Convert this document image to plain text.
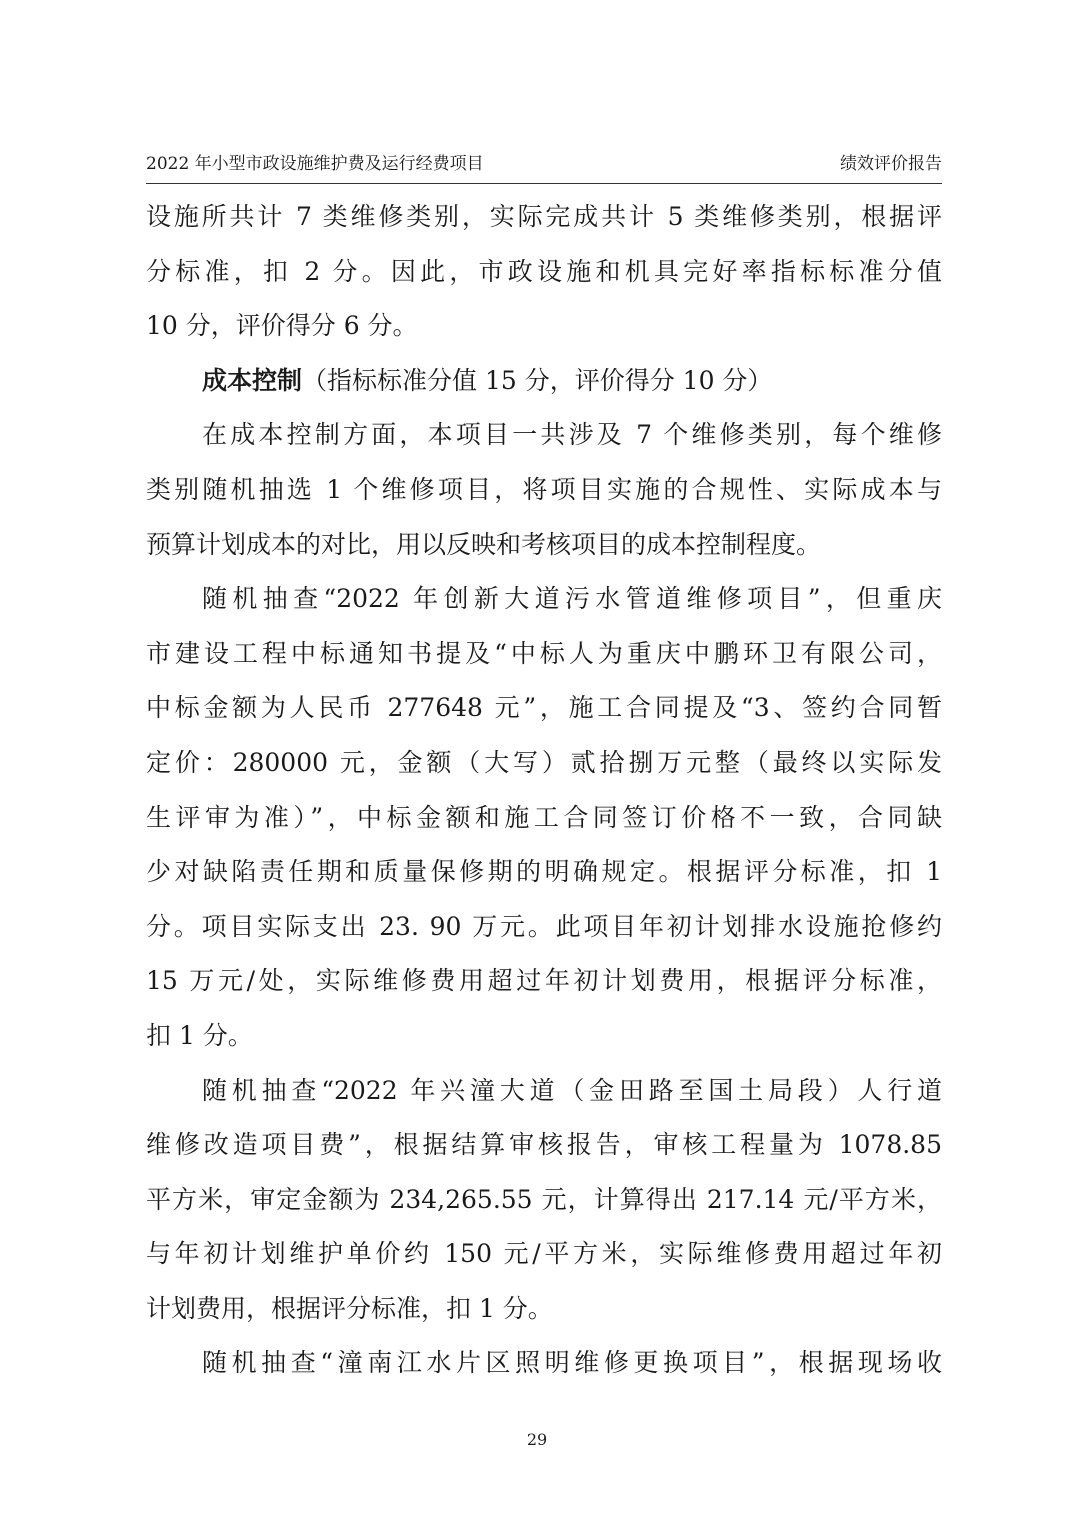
2022 年小型市政设施维护费及运行经费项目	绩效评价报告
设施所共计 7 类维修类别，实际完成共计 5 类维修类别，根据评
分标准，扣 2 分。因此，市政设施和机具完好率指标标准分值
10 分，评价得分 6 分。
成本控制（指标标准分值 15 分，评价得分 10 分）
在成本控制方面，本项目一共涉及 7 个维修类别，每个维修
类别随机抽选 1 个维修项目，将项目实施的合规性、实际成本与
预算计划成本的对比，用以反映和考核项目的成本控制程度。
随机抽查“2022 年创新大道污水管道维修项目”，但重庆
市建设工程中标通知书提及“中标人为重庆中鹏环卫有限公司，
中标金额为人民币 277648 元”，施工合同提及“3、签约合同暂
定价：280000 元，金额（大写）贰拾捌万元整（最终以实际发
生评审为准）”，中标金额和施工合同签订价格不一致，合同缺
少对缺陷责任期和质量保修期的明确规定。根据评分标准，扣 1
分。项目实际支出 23. 90 万元。此项目年初计划排水设施抢修约
15 万元/处，实际维修费用超过年初计划费用，根据评分标准，
扣 1 分。
随机抽查“2022 年兴潼大道（金田路至国土局段）人行道
维修改造项目费”，根据结算审核报告，审核工程量为 1078.85
平方米，审定金额为 234,265.55 元，计算得出 217.14 元/平方米，
与年初计划维护单价约 150 元/平方米，实际维修费用超过年初
计划费用，根据评分标准，扣 1 分。
随机抽查“潼南江水片区照明维修更换项目”，根据现场收
29
